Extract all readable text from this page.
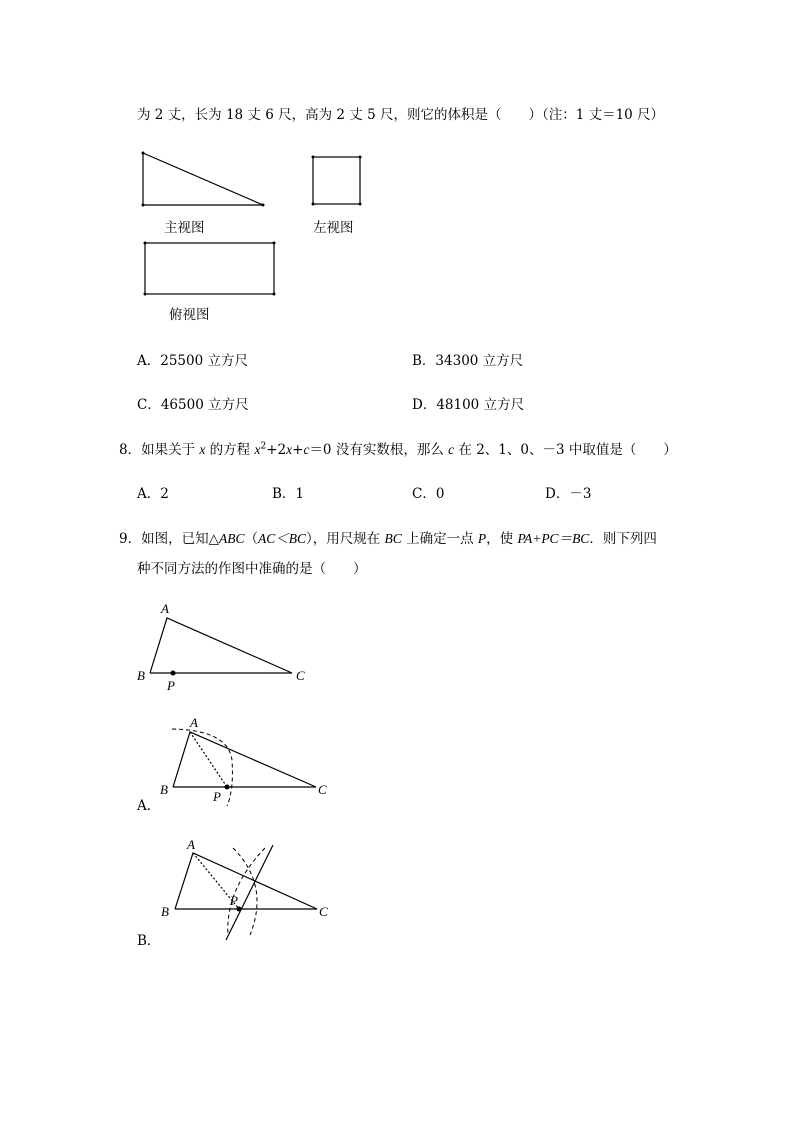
为 2 丈，长为 18 丈 6 尺，高为 2 丈 5 尺，则它的体积是（　　）（注：1 丈＝10 尺）
主视图	左视图
俯视图
A．25500 立方尺	B．34300 立方尺
C．46500 立方尺	D．48100 立方尺
8．如果关于 x 的方程 $x^2+2x+c=0$ 没有实数根，那么 c 在 2、1、0、－3 中取值是（　　）
A．2	B．1	C．0	D．－3
9．如图，已知△ABC（AC＜BC），用尺规在 BC 上确定一点 P，使 PA+PC＝BC．则下列四
种不同方法的作图中准确的是（　　）
A
B	C
P
A
B	C
P
A．
A
B	C
P
B．
